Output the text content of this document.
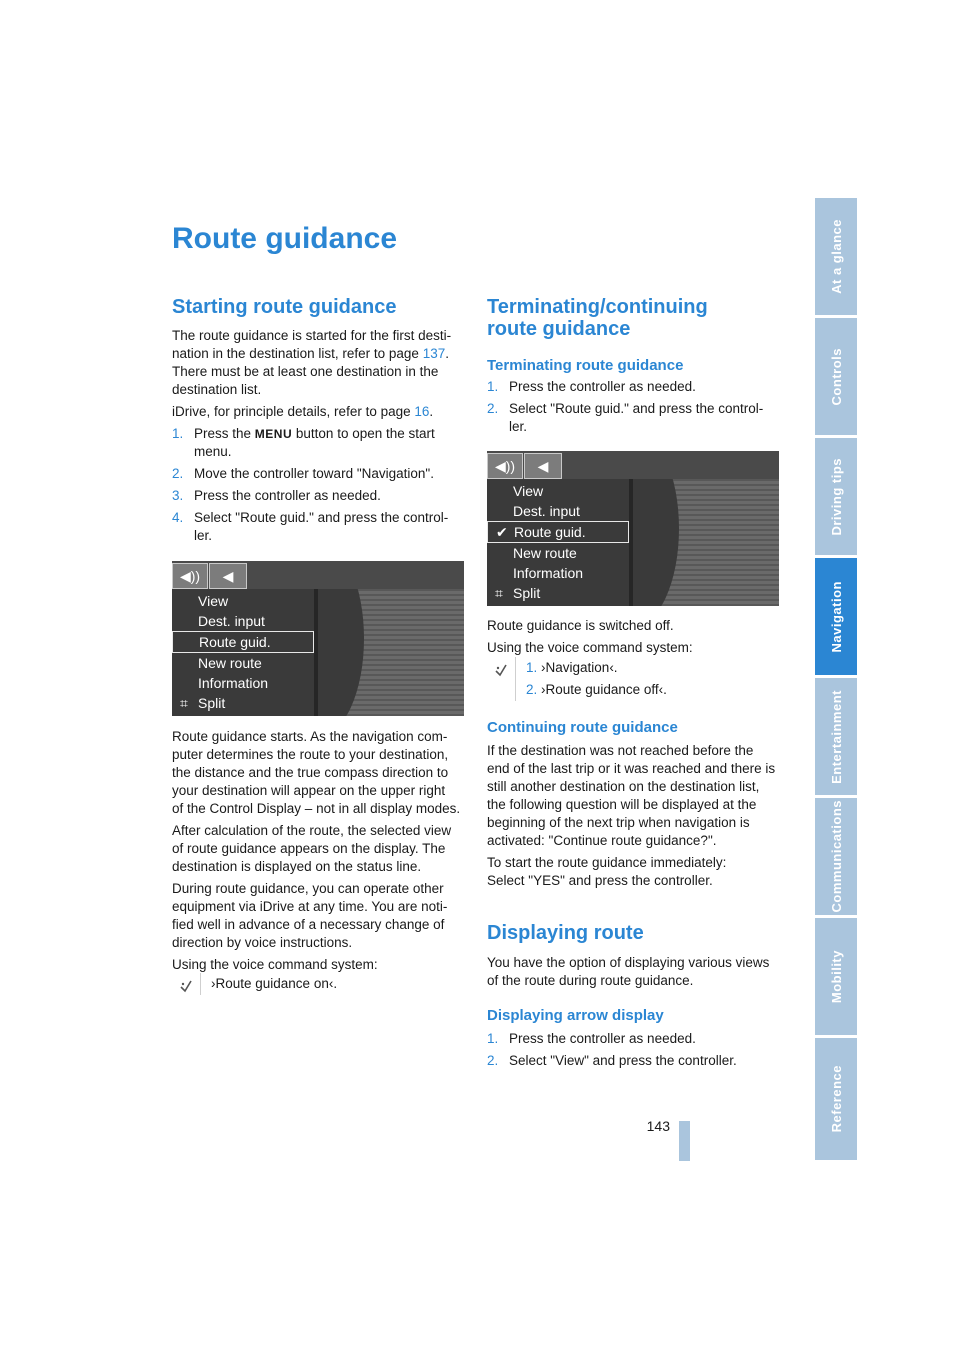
At a glance
Controls
Driving tips
Navigation
Entertainment
Communications
Mobility
Reference
Route guidance
Starting route guidance

The route guidance is started for the first desti-

nation in the destination list, refer to page 137.

There must be at least one destination in the

destination list.

iDrive, for principle details, refer to page 16.

1. Press the MENU button to open the start
menu.
2. Move the controller toward "Navigation".
3. Press the controller as needed.
4. Select "Route guid." and press the control-
ler.
◀))	◀
View
Dest. input
Route guid.
New route
Information
⌗ Split

Route guidance starts. As the navigation com-

puter determines the route to your destination,

the distance and the true compass direction to

your destination will appear on the upper right

of the Control Display – not in all display modes.

After calculation of the route, the selected view

of route guidance appears on the display. The

destination is displayed on the status line.

During route guidance, you can operate other

equipment via iDrive at any time. You are noti-

fied well in advance of a necessary change of

direction by voice instructions.

Using the voice command system:

›Route guidance on‹.
Terminating/continuing
route guidance
Terminating route guidance
1. Press the controller as needed.
2. Select "Route guid." and press the control-
ler.
◀))	◀
View
Dest. input
✔ Route guid.
New route
Information
⌗ Split

Route guidance is switched off.

Using the voice command system:

1. ›Navigation‹.
2. ›Route guidance off‹.
Continuing route guidance

If the destination was not reached before the

end of the last trip or it was reached and there is

still another destination on the destination list,

the following question will be displayed at the

beginning of the next trip when navigation is

activated: "Continue route guidance?".

To start the route guidance immediately:

Select "YES" and press the controller.

Displaying route

You have the option of displaying various views

of the route during route guidance.

Displaying arrow display
1. Press the controller as needed.
2. Select "View" and press the controller.
143
